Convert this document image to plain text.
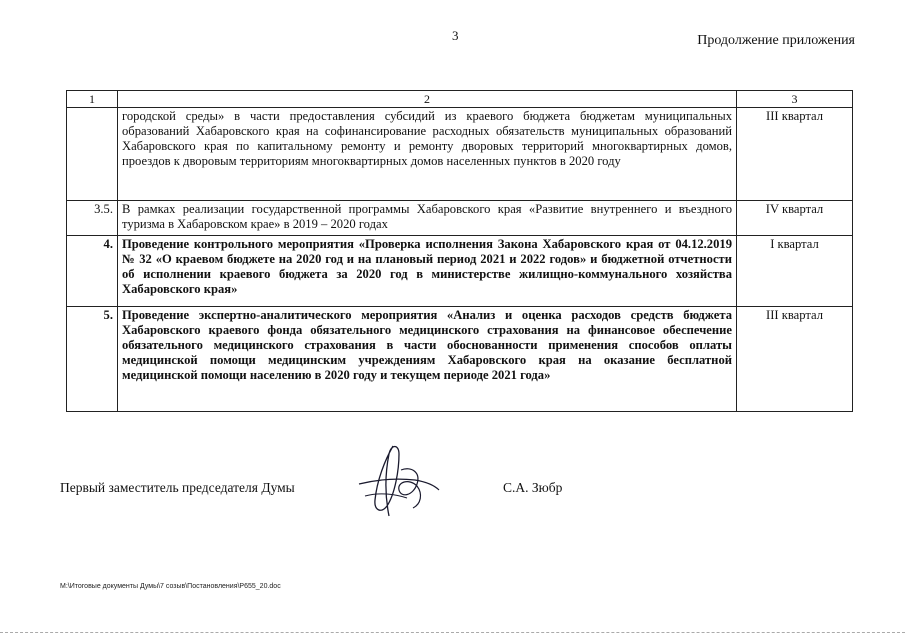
3	Продолжение приложения
1	2	3

	городской среды» в части предоставления субсидий из краевого бюджета бюджетам муниципальных образований Хабаровского края на софинансирование расходных обязательств муниципальных образований Хабаровского края по капитальному ремонту и ремонту дворовых территорий многоквартирных домов, проездов к дворовым территориям многоквартирных домов населенных пунктов в 2020 году	III квартал
3.5.	В рамках реализации государственной программы Хабаровского края «Развитие внутреннего и въездного туризма в Хабаровском крае» в 2019 – 2020 годах	IV квартал
4.	Проведение контрольного мероприятия «Проверка исполнения Закона Хабаровского края от 04.12.2019 № 32 «О краевом бюджете на 2020 год и на плановый период 2021 и 2022 годов» и бюджетной отчетности об исполнении краевого бюджета за 2020 год в министерстве жилищно-коммунального хозяйства Хабаровского края»	I квартал
5.	Проведение экспертно-аналитического мероприятия «Анализ и оценка расходов средств бюджета Хабаровского краевого фонда обязательного медицинского страхования на финансовое обеспечение обязательного медицинского страхования в части обоснованности применения способов оплаты медицинской помощи медицинским учреждениям Хабаровского края на оказание бесплатной медицинской помощи населению в 2020 году и текущем периоде 2021 года»	III квартал
Первый заместитель председателя Думы	С.А. Зюбр
M:\Итоговые документы Думы\7 созыв\Постановления\Р655_20.doc
